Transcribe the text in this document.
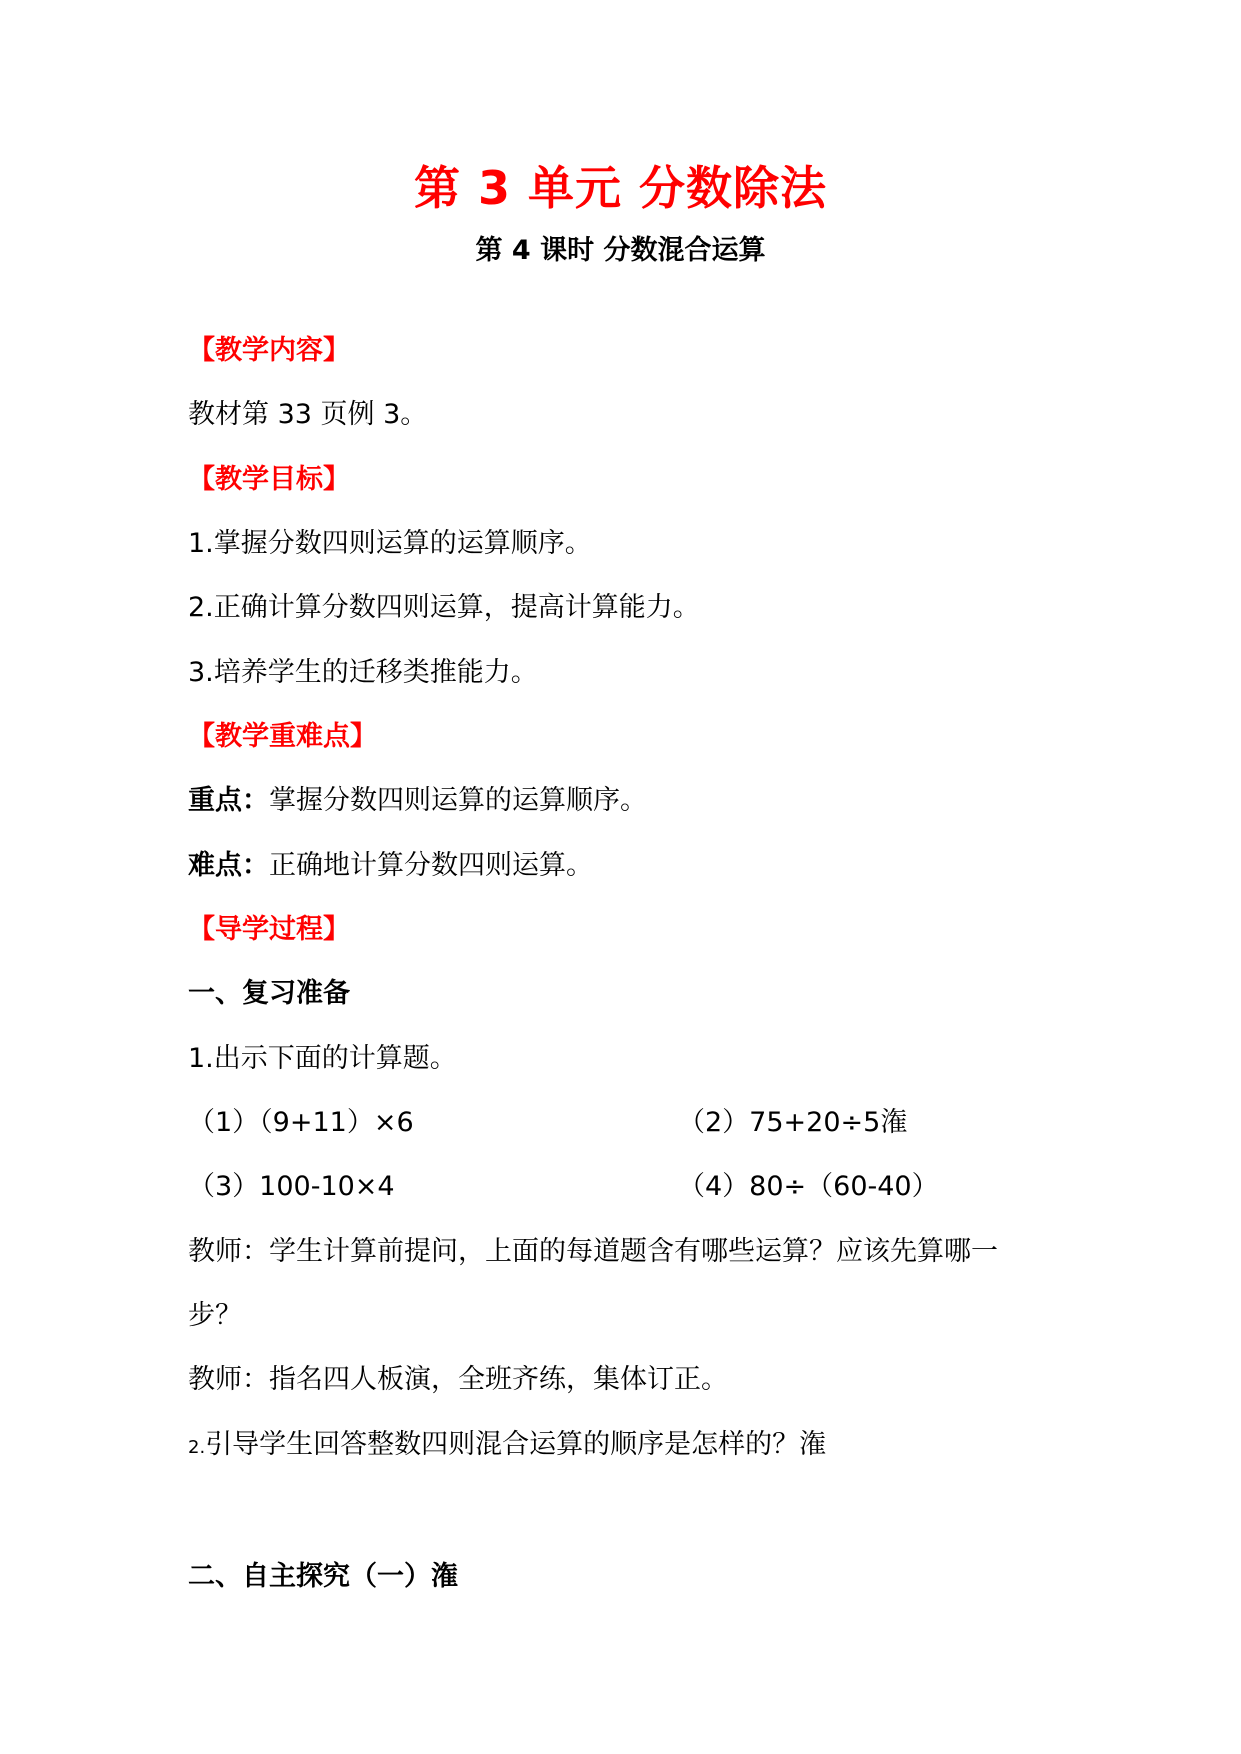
第 3 单元 分数除法
第 4 课时 分数混合运算
【教学内容】
教材第 33 页例 3。
【教学目标】
1.掌握分数四则运算的运算顺序。
2.正确计算分数四则运算，提高计算能力。
3.培养学生的迁移类推能力。
【教学重难点】
重点：掌握分数四则运算的运算顺序。
难点：正确地计算分数四则运算。
【导学过程】
一、复习准备
1.出示下面的计算题。
（1）（9+11）×6	（2）75+20÷5潅
（3）100-10×4	（4）80÷（60-40）
教师：学生计算前提问，上面的每道题含有哪些运算？应该先算哪一
步？
教师：指名四人板演，全班齐练，集体订正。
2.引导学生回答整数四则混合运算的顺序是怎样的？潅
二、自主探究（一）潅
